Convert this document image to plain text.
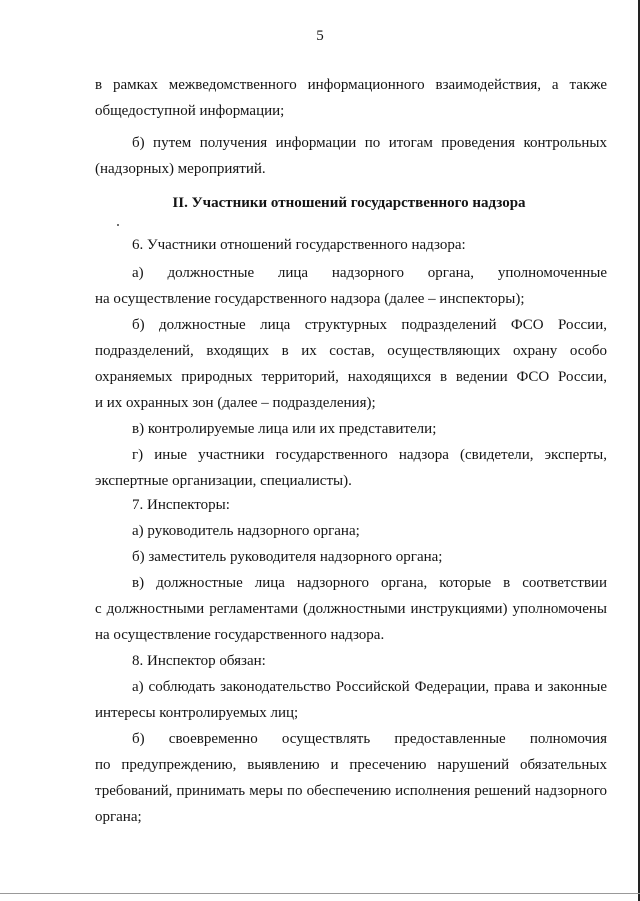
5
в рамках межведомственного информационного взаимодействия, а также
общедоступной информации;
б) путем получения информации по итогам проведения контрольных
(надзорных) мероприятий.
II. Участники отношений государственного надзора
6. Участники отношений государственного надзора:
а) должностные лица надзорного органа, уполномоченные
на осуществление государственного надзора (далее – инспекторы);
б) должностные лица структурных подразделений ФСО России,
подразделений, входящих в их состав, осуществляющих охрану особо
охраняемых природных территорий, находящихся в ведении ФСО России,
и их охранных зон (далее – подразделения);
в) контролируемые лица или их представители;
г) иные участники государственного надзора (свидетели, эксперты,
экспертные организации, специалисты).
7. Инспекторы:
а) руководитель надзорного органа;
б) заместитель руководителя надзорного органа;
в) должностные лица надзорного органа, которые в соответствии
с должностными регламентами (должностными инструкциями) уполномочены
на осуществление государственного надзора.
8. Инспектор обязан:
а) соблюдать законодательство Российской Федерации, права и законные
интересы контролируемых лиц;
б) своевременно осуществлять предоставленные полномочия
по предупреждению, выявлению и пресечению нарушений обязательных
требований, принимать меры по обеспечению исполнения решений надзорного
органа;
